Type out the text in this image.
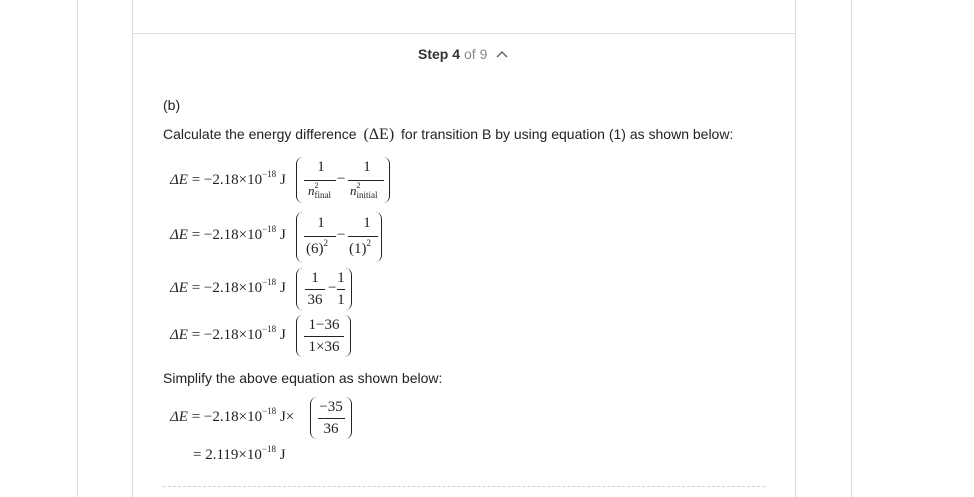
Step 4 of 9
(b)
Calculate the energy difference (ΔE) for transition B by using equation (1) as shown below:
$\Delta E = -2.18\times 10^{-18}$ J
1
$n^2_{final}$
−
1
$n^2_{initial}$
$\Delta E = -2.18\times 10^{-18}$ J
1
$(6)^2$ −
1
$(1)^2$
$\Delta E = -2.18\times 10^{-18}$ J
1
36
−
1
1
$\Delta E = -2.18\times 10^{-18}$ J
1−36
1×36
Simplify the above equation as shown below:
$\Delta E = -2.18\times 10^{-18}$ J×
−35
36
= $2.119\times 10^{-18}$ J
